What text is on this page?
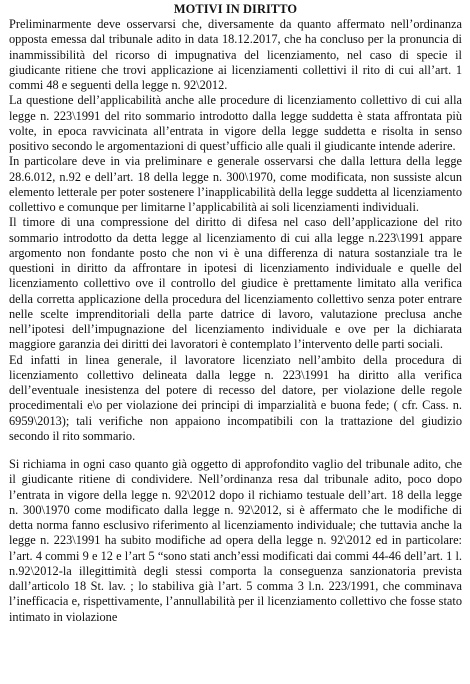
MOTIVI IN DIRITTO

Preliminarmente deve osservarsi che, diversamente da quanto affermato nell’ordinanza opposta emessa dal tribunale adito in data 18.12.2017, che ha concluso per la pronuncia di inammissibilità del ricorso di impugnativa del licenziamento, nel caso di specie il giudicante ritiene che trovi applicazione ai licenziamenti collettivi il rito di cui all’art. 1 commi 48 e seguenti della legge n. 92\2012.

La questione dell’applicabilità anche alle procedure di licenziamento collettivo di cui alla legge n. 223\1991 del rito sommario introdotto dalla legge suddetta è stata affrontata più volte, in epoca ravvicinata all’entrata in vigore della legge suddetta e risolta in senso positivo secondo le argomentazioni di quest’ufficio alle quali il giudicante intende aderire.

In particolare deve in via preliminare e generale osservarsi che dalla lettura della legge 28.6.012, n.92 e dell’art. 18 della legge n. 300\1970, come modificata, non sussiste alcun elemento letterale per poter sostenere l’inapplicabilità della legge suddetta al licenziamento collettivo e comunque per limitarne l’applicabilità ai soli licenziamenti individuali.

Il timore di una compressione del diritto di difesa nel caso dell’applicazione del rito sommario introdotto da detta legge al licenziamento di cui alla legge n.223\1991 appare argomento non fondante posto che non vi è una differenza di natura sostanziale tra le questioni in diritto da affrontare in ipotesi di licenziamento individuale e quelle del licenziamento collettivo ove il controllo del giudice è prettamente limitato alla verifica della corretta applicazione della procedura del licenziamento collettivo senza poter entrare nelle scelte imprenditoriali della parte datrice di lavoro, valutazione preclusa anche nell’ipotesi dell’impugnazione del licenziamento individuale e ove per la dichiarata maggiore garanzia dei diritti dei lavoratori è contemplato l’intervento delle parti sociali.

Ed infatti in linea generale, il lavoratore licenziato nell’ambito della procedura di licenziamento collettivo delineata dalla legge n. 223\1991 ha diritto alla verifica dell’eventuale inesistenza del potere di recesso del datore, per violazione delle regole procedimentali e\o per violazione dei principi di imparzialità e buona fede; ( cfr. Cass. n. 6959\2013); tali verifiche non appaiono incompatibili con la trattazione del giudizio secondo il rito sommario.

Si richiama in ogni caso quanto già oggetto di approfondito vaglio del tribunale adito, che il giudicante ritiene di condividere. Nell’ordinanza resa dal tribunale adito, poco dopo l’entrata in vigore della legge n. 92\2012 dopo il richiamo testuale dell’art. 18 della legge n. 300\1970 come modificato dalla legge n. 92\2012, si è affermato che le modifiche di detta norma fanno esclusivo riferimento al licenziamento individuale; che tuttavia anche la legge n. 223\1991 ha subito modifiche ad opera della legge n. 92\2012 ed in particolare: l’art. 4 commi 9 e 12 e l’art 5 “sono stati anch’essi modificati dai commi 44-46 dell’art. 1 l. n.92\2012-la illegittimità degli stessi comporta la conseguenza sanzionatoria prevista dall’articolo 18 St. lav. ; lo stabiliva già l’art. 5 comma 3 l.n. 223/1991, che comminava l’inefficacia e, rispettivamente, l’annullabilità per il licenziamento collettivo che fosse stato intimato in violazione
